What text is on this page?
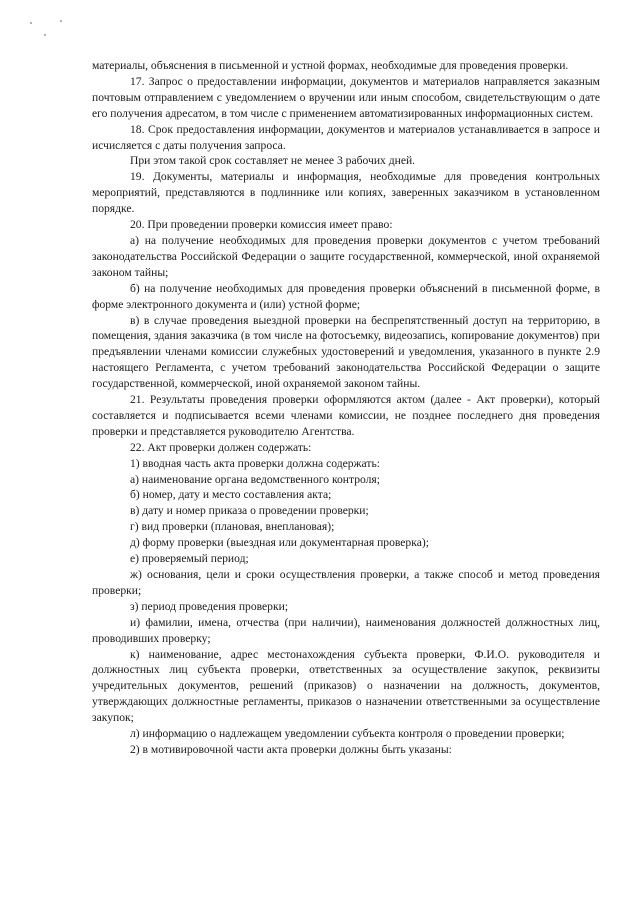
материалы, объяснения в письменной и устной формах, необходимые для проведения проверки.

17. Запрос о предоставлении информации, документов и материалов направляется заказным почтовым отправлением с уведомлением о вручении или иным способом, свидетельствующим о дате его получения адресатом, в том числе с применением автоматизированных информационных систем.

18. Срок предоставления информации, документов и материалов устанавливается в запросе и исчисляется с даты получения запроса.

При этом такой срок составляет не менее 3 рабочих дней.

19. Документы, материалы и информация, необходимые для проведения контрольных мероприятий, представляются в подлиннике или копиях, заверенных заказчиком в установленном порядке.

20. При проведении проверки комиссия имеет право:

а) на получение необходимых для проведения проверки документов с учетом требований законодательства Российской Федерации о защите государственной, коммерческой, иной охраняемой законом тайны;

б) на получение необходимых для проведения проверки объяснений в письменной форме, в форме электронного документа и (или) устной форме;

в) в случае проведения выездной проверки на беспрепятственный доступ на территорию, в помещения, здания заказчика (в том числе на фотосъемку, видеозапись, копирование документов) при предъявлении членами комиссии служебных удостоверений и уведомления, указанного в пункте 2.9 настоящего Регламента, с учетом требований законодательства Российской Федерации о защите государственной, коммерческой, иной охраняемой законом тайны.

21. Результаты проведения проверки оформляются актом (далее - Акт проверки), который составляется и подписывается всеми членами комиссии, не позднее последнего дня проведения проверки и представляется руководителю Агентства.

22. Акт проверки должен содержать:

1) вводная часть акта проверки должна содержать:

а) наименование органа ведомственного контроля;

б) номер, дату и место составления акта;

в) дату и номер приказа о проведении проверки;

г) вид проверки (плановая, внеплановая);

д) форму проверки (выездная или документарная проверка);

е) проверяемый период;

ж) основания, цели и сроки осуществления проверки, а также способ и метод проведения проверки;

з) период проведения проверки;

и) фамилии, имена, отчества (при наличии), наименования должностей должностных лиц, проводивших проверку;

к) наименование, адрес местонахождения субъекта проверки, Ф.И.О. руководителя и должностных лиц субъекта проверки, ответственных за осуществление закупок, реквизиты учредительных документов, решений (приказов) о назначении на должность, документов, утверждающих должностные регламенты, приказов о назначении ответственными за осуществление закупок;

л) информацию о надлежащем уведомлении субъекта контроля о проведении проверки;

2) в мотивировочной части акта проверки должны быть указаны:
